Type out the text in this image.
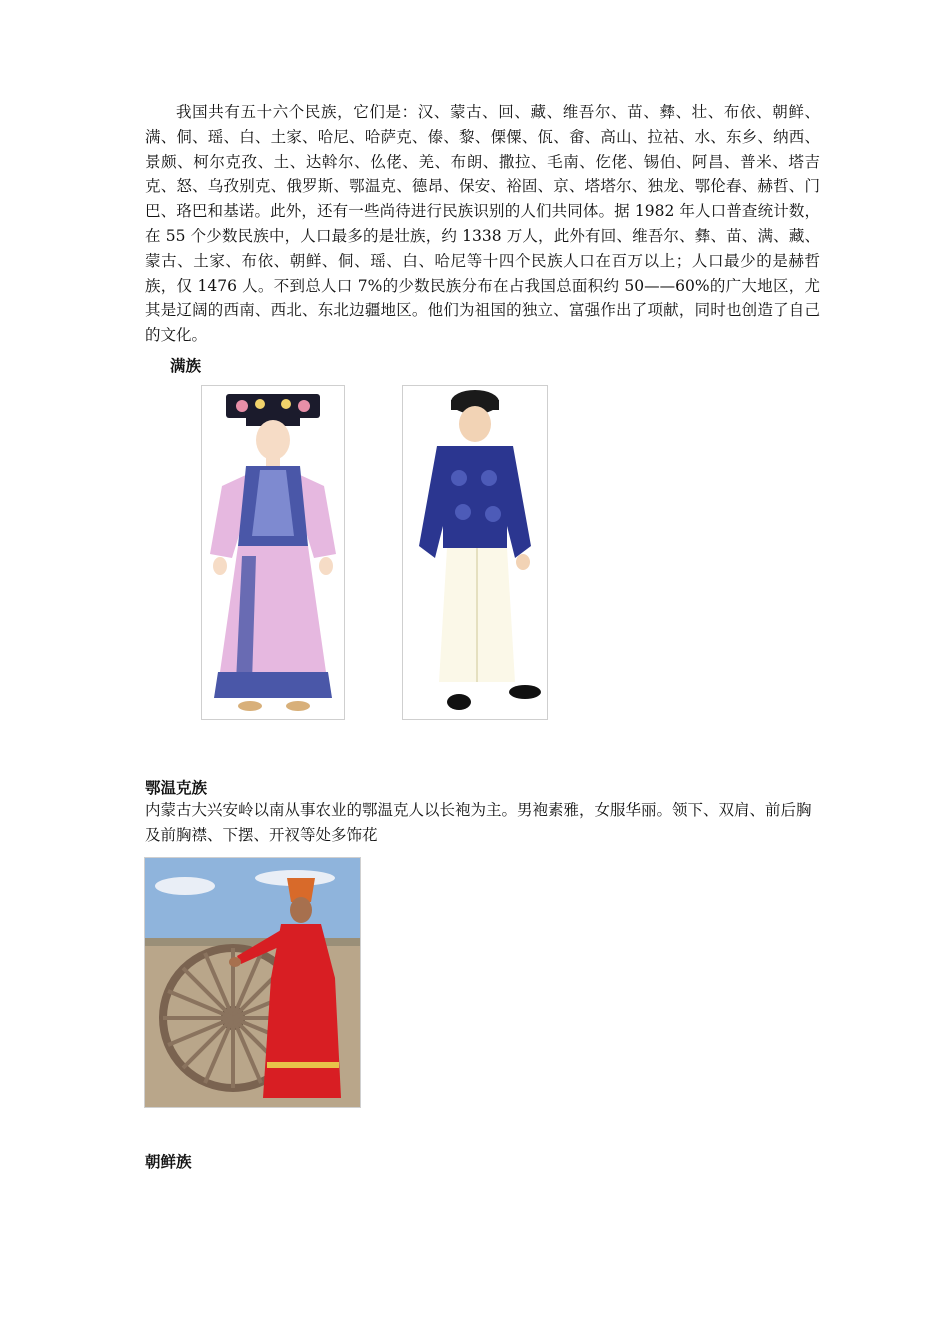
我国共有五十六个民族，它们是：汉、蒙古、回、藏、维吾尔、苗、彝、壮、布依、朝鲜、满、侗、瑶、白、土家、哈尼、哈萨克、傣、黎、傈僳、佤、畲、高山、拉祜、水、东乡、纳西、景颇、柯尔克孜、土、达斡尔、仫佬、羌、布朗、撒拉、毛南、仡佬、锡伯、阿昌、普米、塔吉克、怒、乌孜别克、俄罗斯、鄂温克、德昂、保安、裕固、京、塔塔尔、独龙、鄂伦春、赫哲、门巴、珞巴和基诺。此外，还有一些尚待进行民族识别的人们共同体。据 1982 年人口普查统计数，在 55 个少数民族中，人口最多的是壮族，约 1338 万人，此外有回、维吾尔、彝、苗、满、藏、蒙古、土家、布依、朝鲜、侗、瑶、白、哈尼等十四个民族人口在百万以上；人口最少的是赫哲族，仅 1476 人。不到总人口 7%的少数民族分布在占我国总面积约 50——60%的广大地区，尤其是辽阔的西南、西北、东北边疆地区。他们为祖国的独立、富强作出了项献，同时也创造了自己的文化。

满族

鄂温克族

内蒙古大兴安岭以南从事农业的鄂温克人以长袍为主。男袍素雅，女服华丽。领下、双肩、前后胸及前胸襟、下摆、开衩等处多饰花

朝鲜族
